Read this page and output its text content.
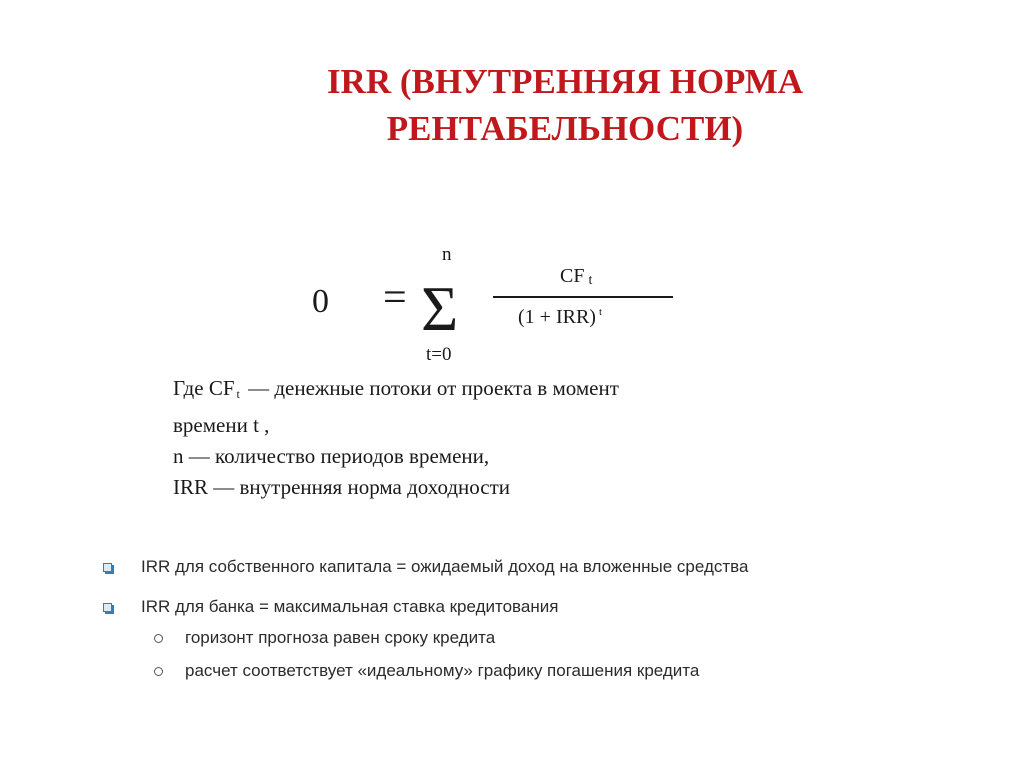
IRR (ВНУТРЕННЯЯ НОРМА
РЕНТАБЕЛЬНОСТИ)
0 = Σ
n
t=0
CF t
(1 + IRR) $^t$
Где CF $_t$ — денежные потоки от проекта в момент
времени t ,
n — количество периодов времени,
IRR — внутренняя норма доходности
IRR для собственного капитала = ожидаемый доход на вложенные средства
IRR для банка = максимальная ставка кредитования
горизонт прогноза равен сроку кредита
расчет соответствует «идеальному» графику погашения кредита
